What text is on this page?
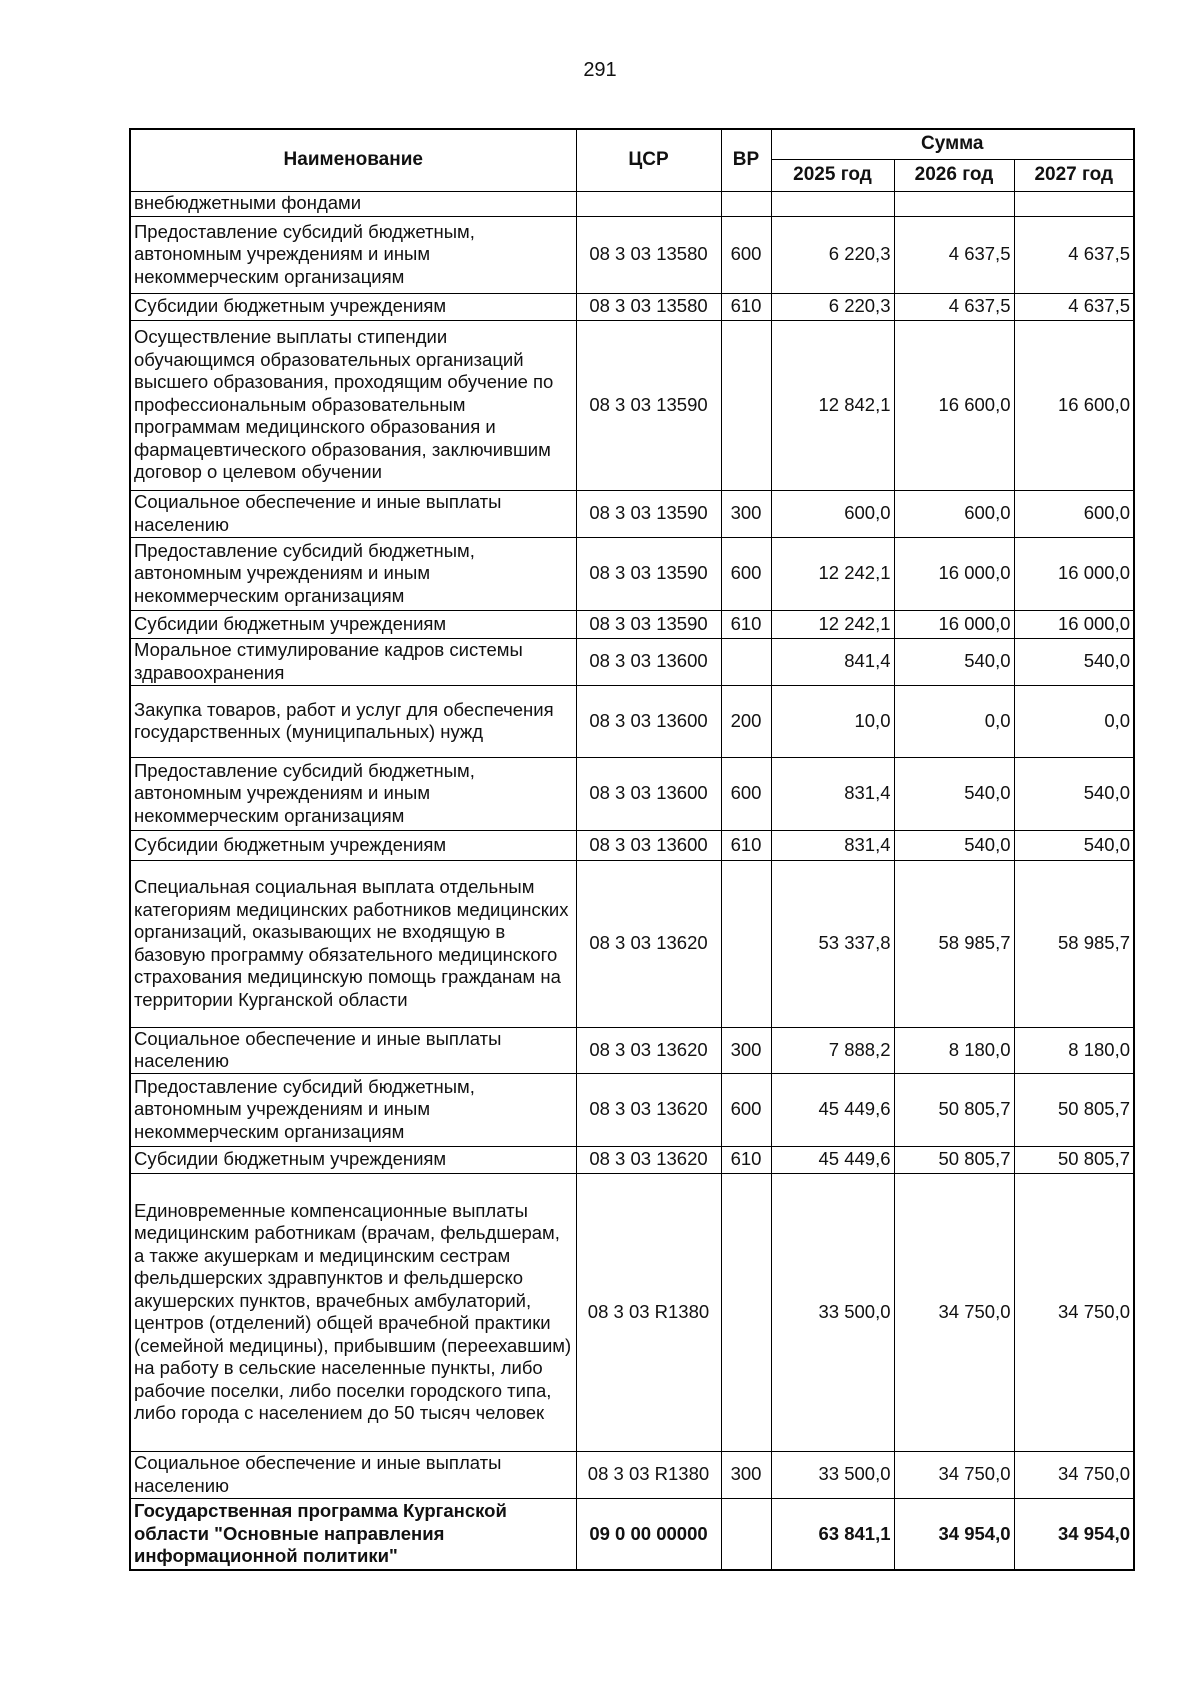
291
Наименование	ЦСР	ВР	Сумма		
			2025 год	2026 год	2027 год
внебюджетными фондами					
Предоставление субсидий бюджетным, автономным учреждениям и иным некоммерческим организациям	08 3 03 13580	600	6 220,3	4 637,5	4 637,5
Субсидии бюджетным учреждениям	08 3 03 13580	610	6 220,3	4 637,5	4 637,5
Осуществление выплаты стипендии обучающимся образовательных организаций высшего образования, проходящим обучение по профессиональным образовательным программам медицинского образования и фармацевтического образования, заключившим договор о целевом обучении	08 3 03 13590		12 842,1	16 600,0	16 600,0
Социальное обеспечение и иные выплаты населению	08 3 03 13590	300	600,0	600,0	600,0
Предоставление субсидий бюджетным, автономным учреждениям и иным некоммерческим организациям	08 3 03 13590	600	12 242,1	16 000,0	16 000,0
Субсидии бюджетным учреждениям	08 3 03 13590	610	12 242,1	16 000,0	16 000,0
Моральное стимулирование кадров системы здравоохранения	08 3 03 13600		841,4	540,0	540,0
Закупка товаров, работ и услуг для обеспечения государственных (муниципальных) нужд	08 3 03 13600	200	10,0	0,0	0,0
Предоставление субсидий бюджетным, автономным учреждениям и иным некоммерческим организациям	08 3 03 13600	600	831,4	540,0	540,0
Субсидии бюджетным учреждениям	08 3 03 13600	610	831,4	540,0	540,0
Специальная социальная выплата отдельным категориям медицинских работников медицинских организаций, оказывающих не входящую в базовую программу обязательного медицинского страхования медицинскую помощь гражданам на территории Курганской области	08 3 03 13620		53 337,8	58 985,7	58 985,7
Социальное обеспечение и иные выплаты населению	08 3 03 13620	300	7 888,2	8 180,0	8 180,0
Предоставление субсидий бюджетным, автономным учреждениям и иным некоммерческим организациям	08 3 03 13620	600	45 449,6	50 805,7	50 805,7
Субсидии бюджетным учреждениям	08 3 03 13620	610	45 449,6	50 805,7	50 805,7
Единовременные компенсационные выплаты медицинским работникам (врачам, фельдшерам, а также акушеркам и медицинским сестрам фельдшерских здравпунктов и фельдшерско акушерских пунктов, врачебных амбулаторий, центров (отделений) общей врачебной практики (семейной медицины), прибывшим (переехавшим) на работу в сельские населенные пункты, либо рабочие поселки, либо поселки городского типа, либо города с населением до 50 тысяч человек	08 3 03 R1380		33 500,0	34 750,0	34 750,0
Социальное обеспечение и иные выплаты населению	08 3 03 R1380	300	33 500,0	34 750,0	34 750,0
Государственная программа Курганской области "Основные направления информационной политики"	09 0 00 00000		63 841,1	34 954,0	34 954,0
